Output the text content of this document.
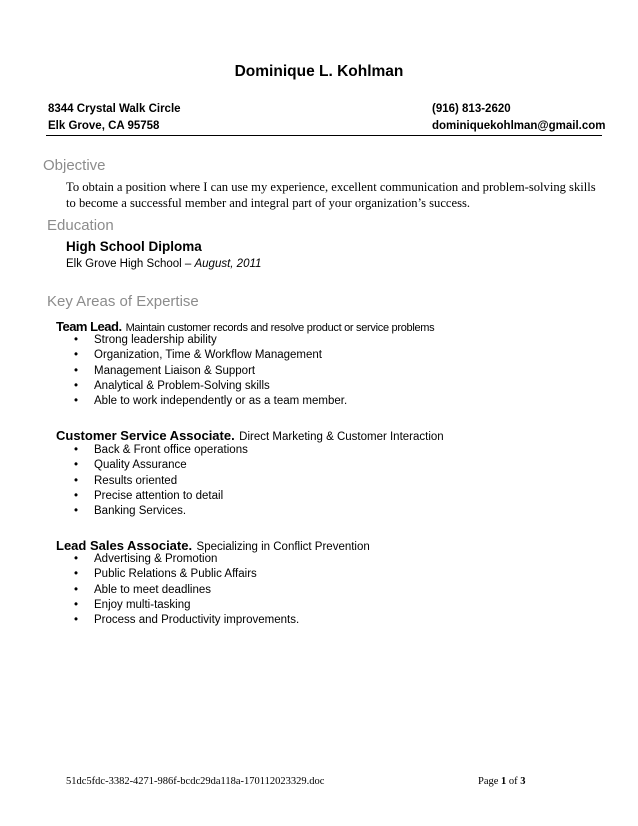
Dominique L. Kohlman
8344 Crystal Walk Circle	(916) 813-2620
Elk Grove, CA 95758	dominiquekohlman@gmail.com
Objective
To obtain a position where I can use my experience, excellent communication and problem-solving skills to become a successful member and integral part of your organization’s success.
Education
High School Diploma
Elk Grove High School – August, 2011
Key Areas of Expertise
Team Lead. Maintain customer records and resolve product or service problems
• Strong leadership ability
• Organization, Time & Workflow Management
• Management Liaison & Support
• Analytical & Problem-Solving skills
• Able to work independently or as a team member.
Customer Service Associate. Direct Marketing & Customer Interaction
• Back & Front office operations
• Quality Assurance
• Results oriented
• Precise attention to detail
• Banking Services.
Lead Sales Associate. Specializing in Conflict Prevention
• Advertising & Promotion
• Public Relations & Public Affairs
• Able to meet deadlines
• Enjoy multi-tasking
• Process and Productivity improvements.
51dc5fdc-3382-4271-986f-bcdc29da118a-170112023329.doc	Page 1 of 3
